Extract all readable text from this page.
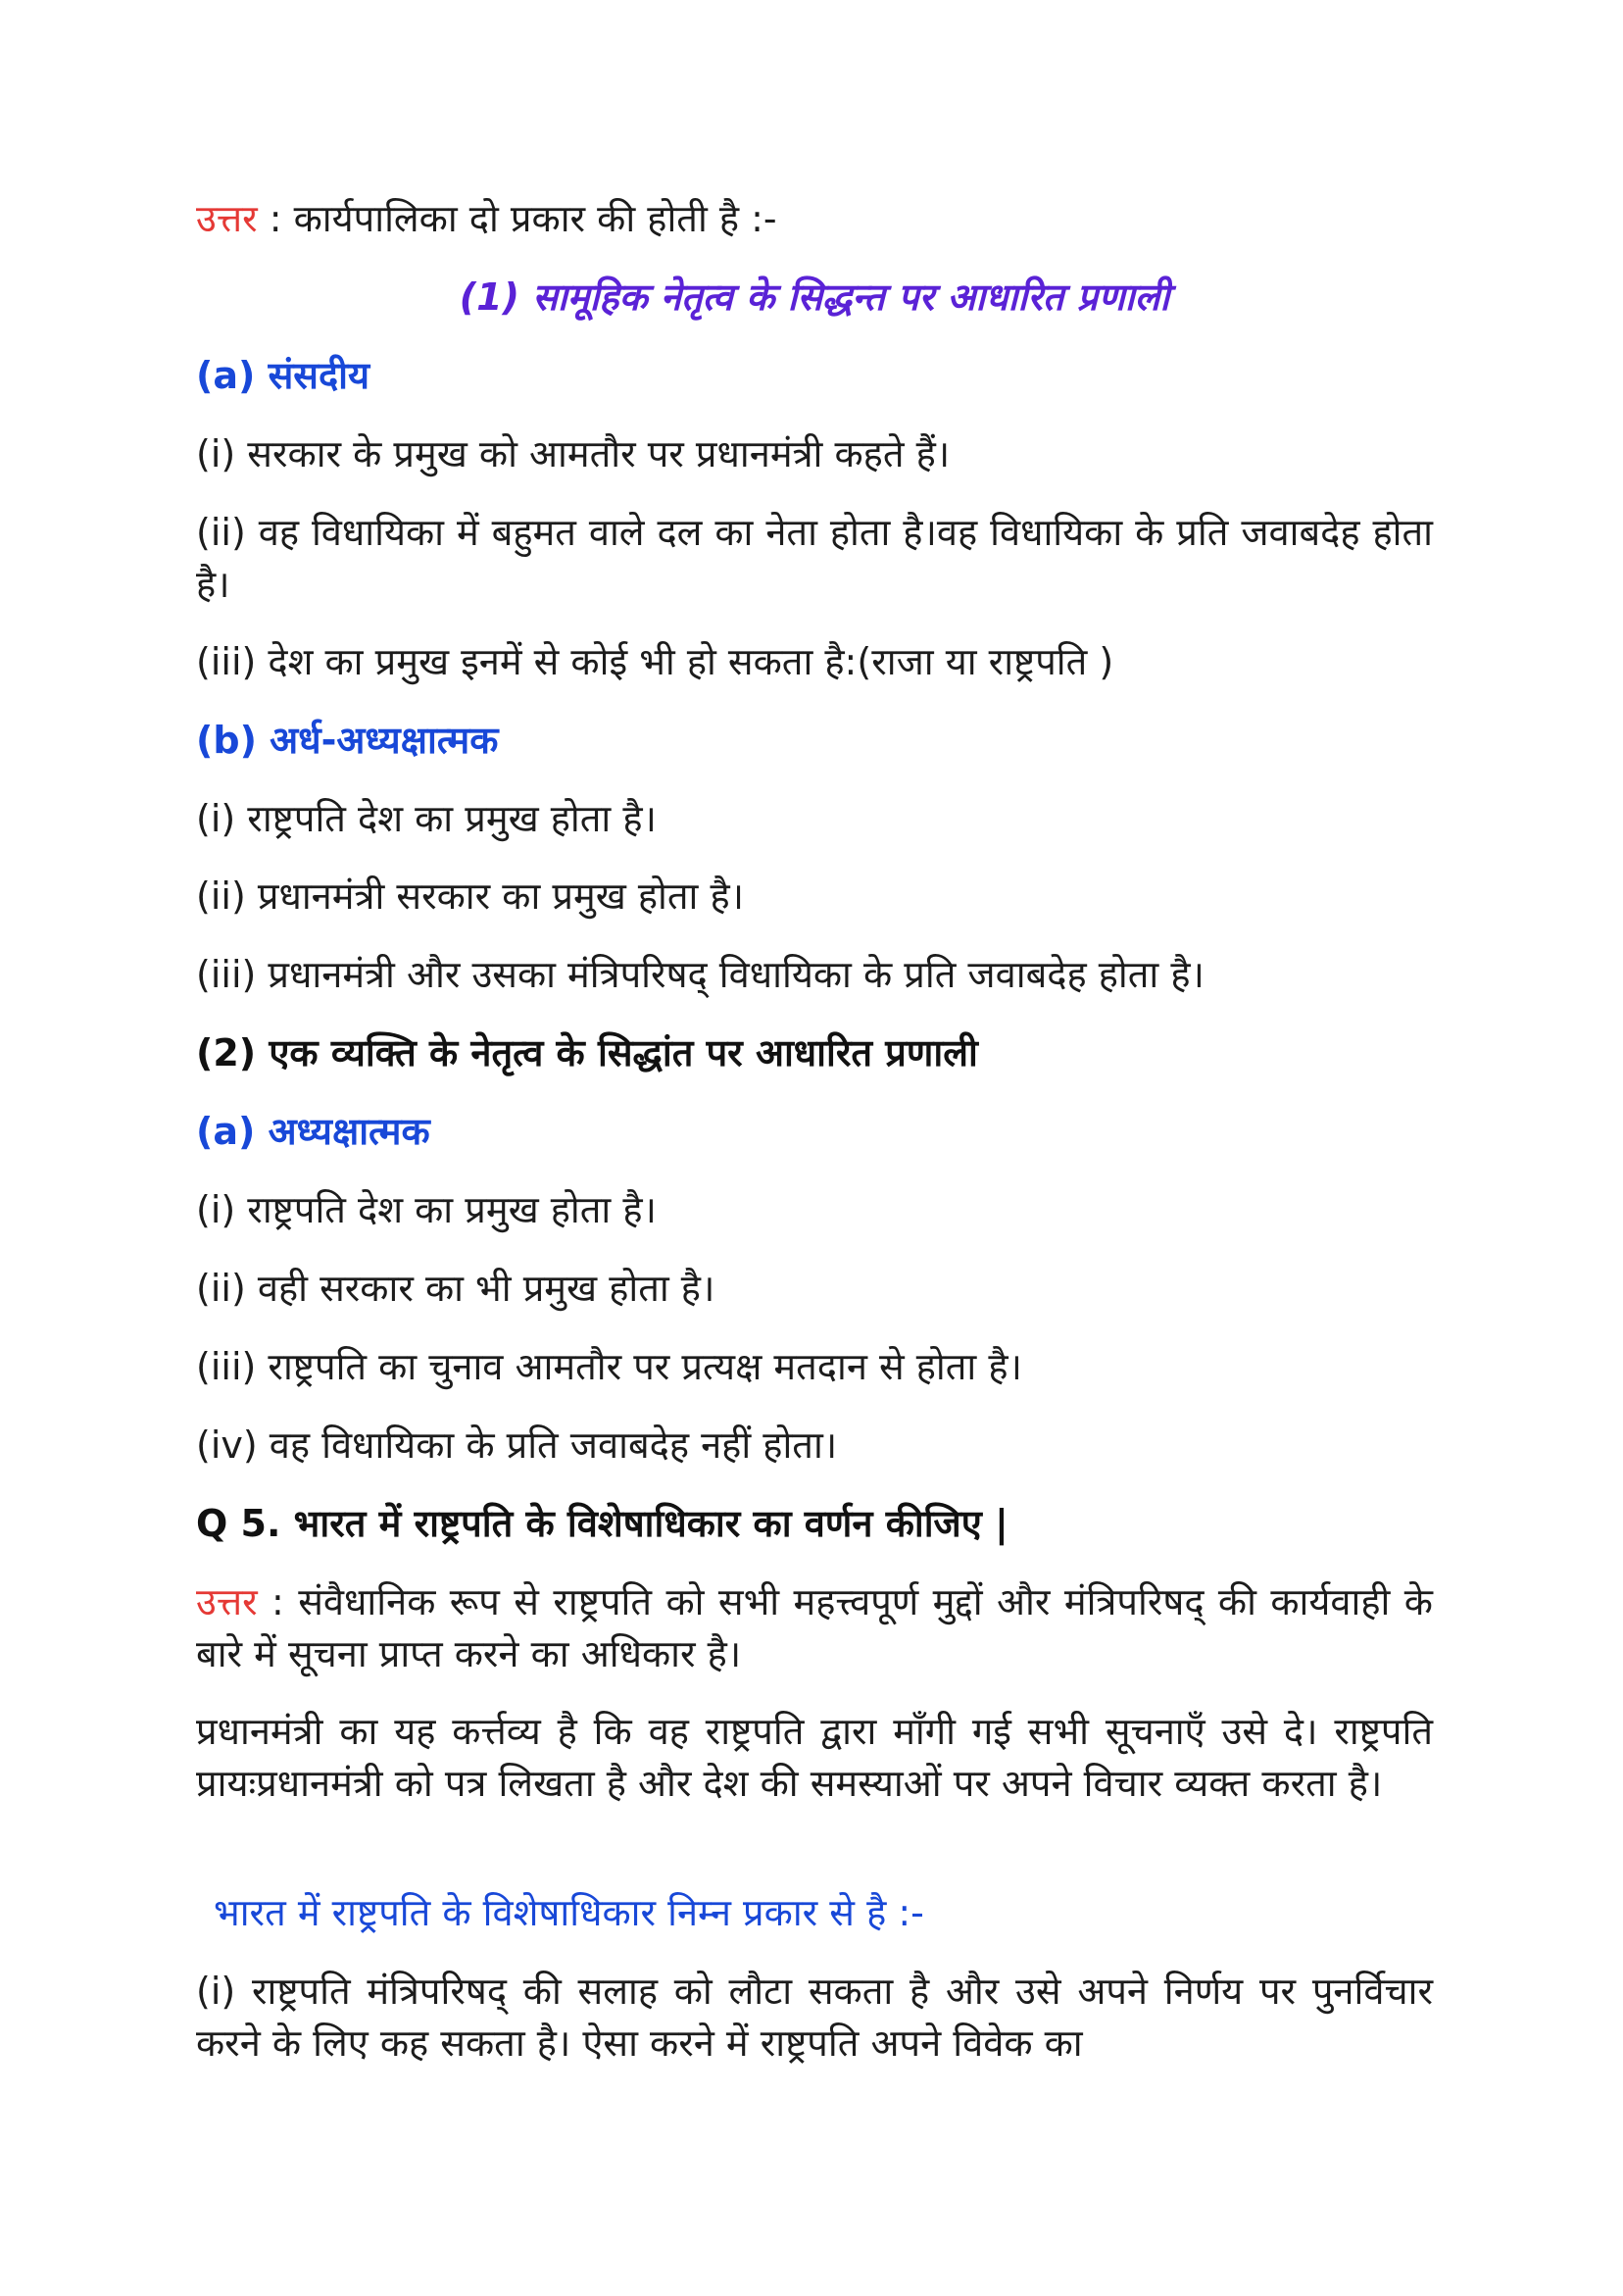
उत्तर : कार्यपालिका दो प्रकार की होती है :-

(1) सामूहिक नेतृत्व के सिद्धन्त पर आधारित प्रणाली
(a) संसदीय

(i) सरकार के प्रमुख को आमतौर पर प्रधानमंत्री कहते हैं।

(ii) वह विधायिका में बहुमत वाले दल का नेता होता है।वह विधायिका के प्रति जवाबदेह होता है।

(iii) देश का प्रमुख इनमें से कोई भी हो सकता है:(राजा या राष्ट्रपति )

(b) अर्ध-अध्यक्षात्मक

(i) राष्ट्रपति देश का प्रमुख होता है।

(ii) प्रधानमंत्री सरकार का प्रमुख होता है।

(iii) प्रधानमंत्री और उसका मंत्रिपरिषद् विधायिका के प्रति जवाबदेह होता है।

(2) एक व्यक्ति के नेतृत्व के सिद्धांत पर आधारित प्रणाली
(a) अध्यक्षात्मक

(i) राष्ट्रपति देश का प्रमुख होता है।

(ii) वही सरकार का भी प्रमुख होता है।

(iii) राष्ट्रपति का चुनाव आमतौर पर प्रत्यक्ष मतदान से होता है।

(iv) वह विधायिका के प्रति जवाबदेह नहीं होता।

Q 5. भारत में राष्ट्रपति के विशेषाधिकार का वर्णन कीजिए |

उत्तर : संवैधानिक रूप से राष्ट्रपति को सभी महत्त्वपूर्ण मुद्दों और मंत्रिपरिषद् की कार्यवाही के बारे में सूचना प्राप्त करने का अधिकार है।

प्रधानमंत्री का यह कर्त्तव्य है कि वह राष्ट्रपति द्वारा माँगी गई सभी सूचनाएँ उसे दे। राष्ट्रपति प्रायःप्रधानमंत्री को पत्र लिखता है और देश की समस्याओं पर अपने विचार व्यक्त करता है।

भारत में राष्ट्रपति के विशेषाधिकार निम्न प्रकार से है :-

(i) राष्ट्रपति मंत्रिपरिषद् की सलाह को लौटा सकता है और उसे अपने निर्णय पर पुनर्विचार करने के लिए कह सकता है। ऐसा करने में राष्ट्रपति अपने विवेक का
